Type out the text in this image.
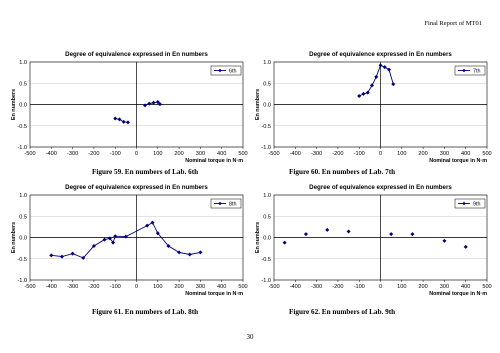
Final Report of MT01
Degree of equivalence expressed in En numbers
1.0
0.5
0.0
-0.5
-1.0
-500 -400 -300 -200 -100	0	100 200 300 400 500
Nominal torque in N·m
En numbers
6th
Degree of equivalence expressed in En numbers
1.0
0.5
0.0
-0.5
-1.0
-500 -400 -300 -200 -100	0	100 200 300 400 500
Nominal torque in N·m
En numbers
7th
Degree of equivalence expressed in En numbers
1.0
0.5
0.0
-0.5
-1.0
-500 -400 -300 -200 -100	0	100 200 300 400 500
Nominal torque in N·m
En numbers
8th
Degree of equivalence expressed in En numbers
1.0
0.5
0.0
-0.5
-1.0
-500 -400 -300 -200 -100	0	100 200 300 400 500
Nominal torque in N·m
En numbers
9th
Figure 59. En numbers of Lab. 6th	Figure 60. En numbers of Lab. 7th
Figure 61. En numbers of Lab. 8th	Figure 62. En numbers of Lab. 9th
30
